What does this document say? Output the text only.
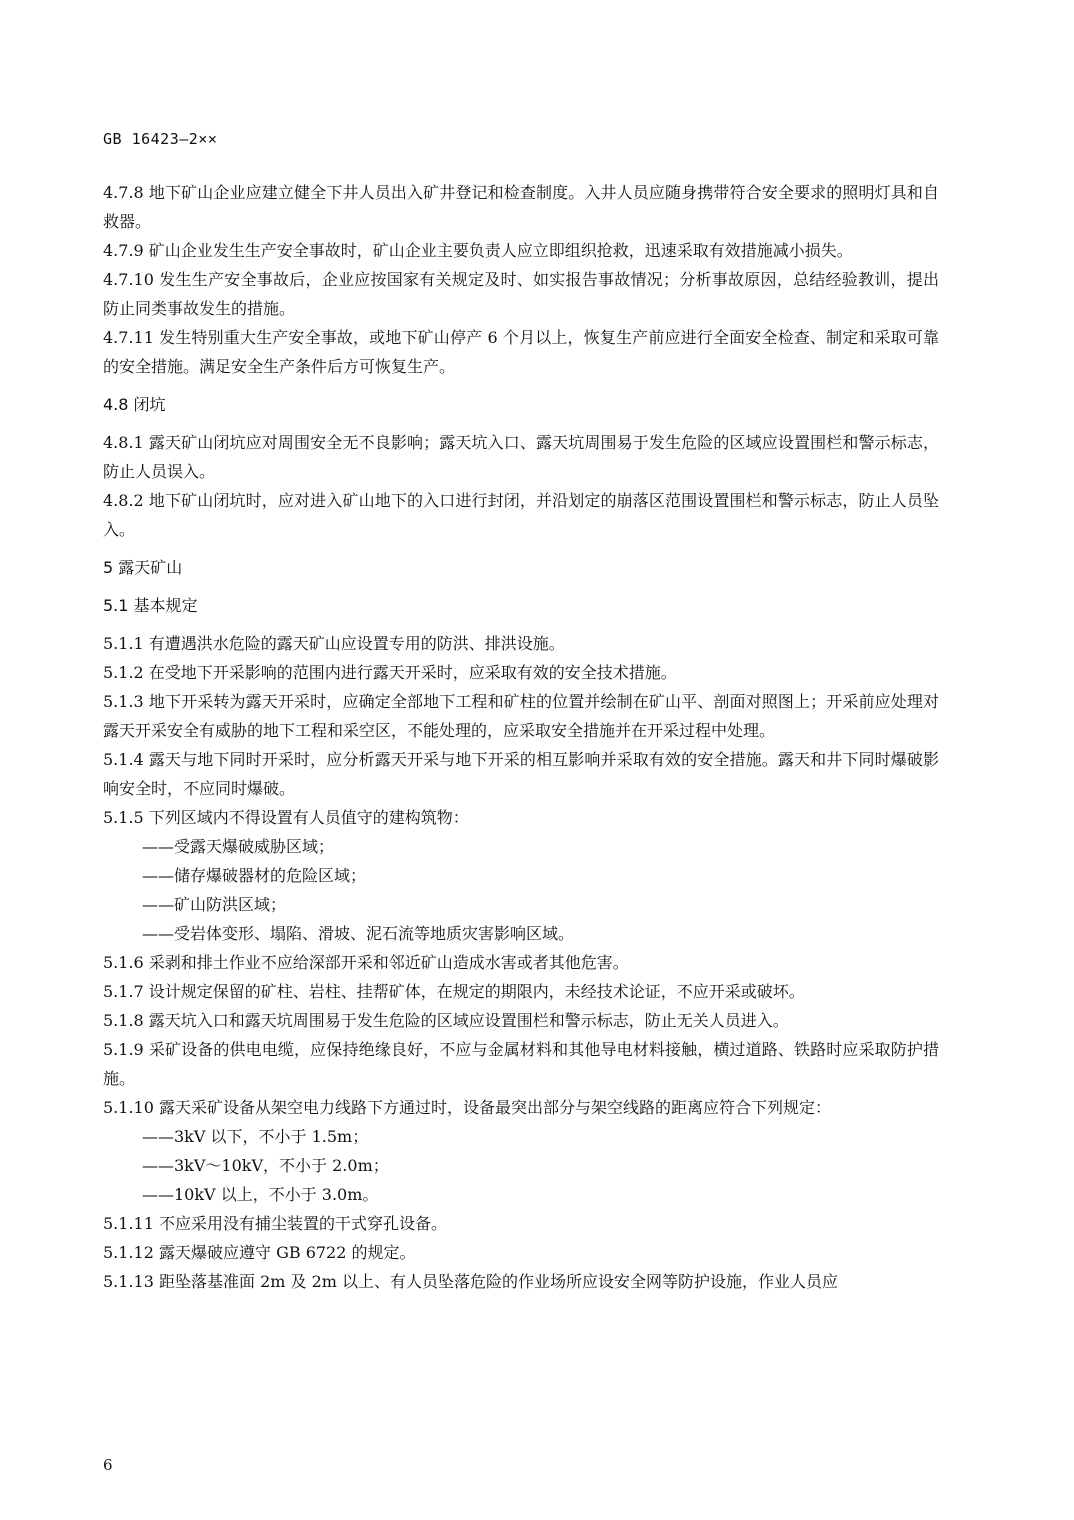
GB 16423—2××

4.7.8 地下矿山企业应建立健全下井人员出入矿井登记和检查制度。入井人员应随身携带符合安全要求的照明灯具和自救器。

4.7.9 矿山企业发生生产安全事故时，矿山企业主要负责人应立即组织抢救，迅速采取有效措施减小损失。

4.7.10 发生生产安全事故后，企业应按国家有关规定及时、如实报告事故情况；分析事故原因，总结经验教训，提出防止同类事故发生的措施。

4.7.11 发生特别重大生产安全事故，或地下矿山停产 6 个月以上，恢复生产前应进行全面安全检查、制定和采取可靠的安全措施。满足安全生产条件后方可恢复生产。

4.8 闭坑

4.8.1 露天矿山闭坑应对周围安全无不良影响；露天坑入口、露天坑周围易于发生危险的区域应设置围栏和警示标志，防止人员误入。

4.8.2 地下矿山闭坑时，应对进入矿山地下的入口进行封闭，并沿划定的崩落区范围设置围栏和警示标志，防止人员坠入。

5 露天矿山

5.1 基本规定

5.1.1 有遭遇洪水危险的露天矿山应设置专用的防洪、排洪设施。

5.1.2 在受地下开采影响的范围内进行露天开采时，应采取有效的安全技术措施。

5.1.3 地下开采转为露天开采时，应确定全部地下工程和矿柱的位置并绘制在矿山平、剖面对照图上；开采前应处理对露天开采安全有威胁的地下工程和采空区，不能处理的，应采取安全措施并在开采过程中处理。

5.1.4 露天与地下同时开采时，应分析露天开采与地下开采的相互影响并采取有效的安全措施。露天和井下同时爆破影响安全时，不应同时爆破。

5.1.5 下列区域内不得设置有人员值守的建构筑物：

——受露天爆破威胁区域；

——储存爆破器材的危险区域；

——矿山防洪区域；

——受岩体变形、塌陷、滑坡、泥石流等地质灾害影响区域。

5.1.6 采剥和排土作业不应给深部开采和邻近矿山造成水害或者其他危害。

5.1.7 设计规定保留的矿柱、岩柱、挂帮矿体，在规定的期限内，未经技术论证，不应开采或破坏。

5.1.8 露天坑入口和露天坑周围易于发生危险的区域应设置围栏和警示标志，防止无关人员进入。

5.1.9 采矿设备的供电电缆，应保持绝缘良好，不应与金属材料和其他导电材料接触，横过道路、铁路时应采取防护措施。

5.1.10 露天采矿设备从架空电力线路下方通过时，设备最突出部分与架空线路的距离应符合下列规定：

——3kV 以下，不小于 1.5m；

——3kV～10kV，不小于 2.0m；

——10kV 以上，不小于 3.0m。

5.1.11 不应采用没有捕尘装置的干式穿孔设备。

5.1.12 露天爆破应遵守 GB 6722 的规定。

5.1.13 距坠落基准面 2m 及 2m 以上、有人员坠落危险的作业场所应设安全网等防护设施，作业人员应

6
